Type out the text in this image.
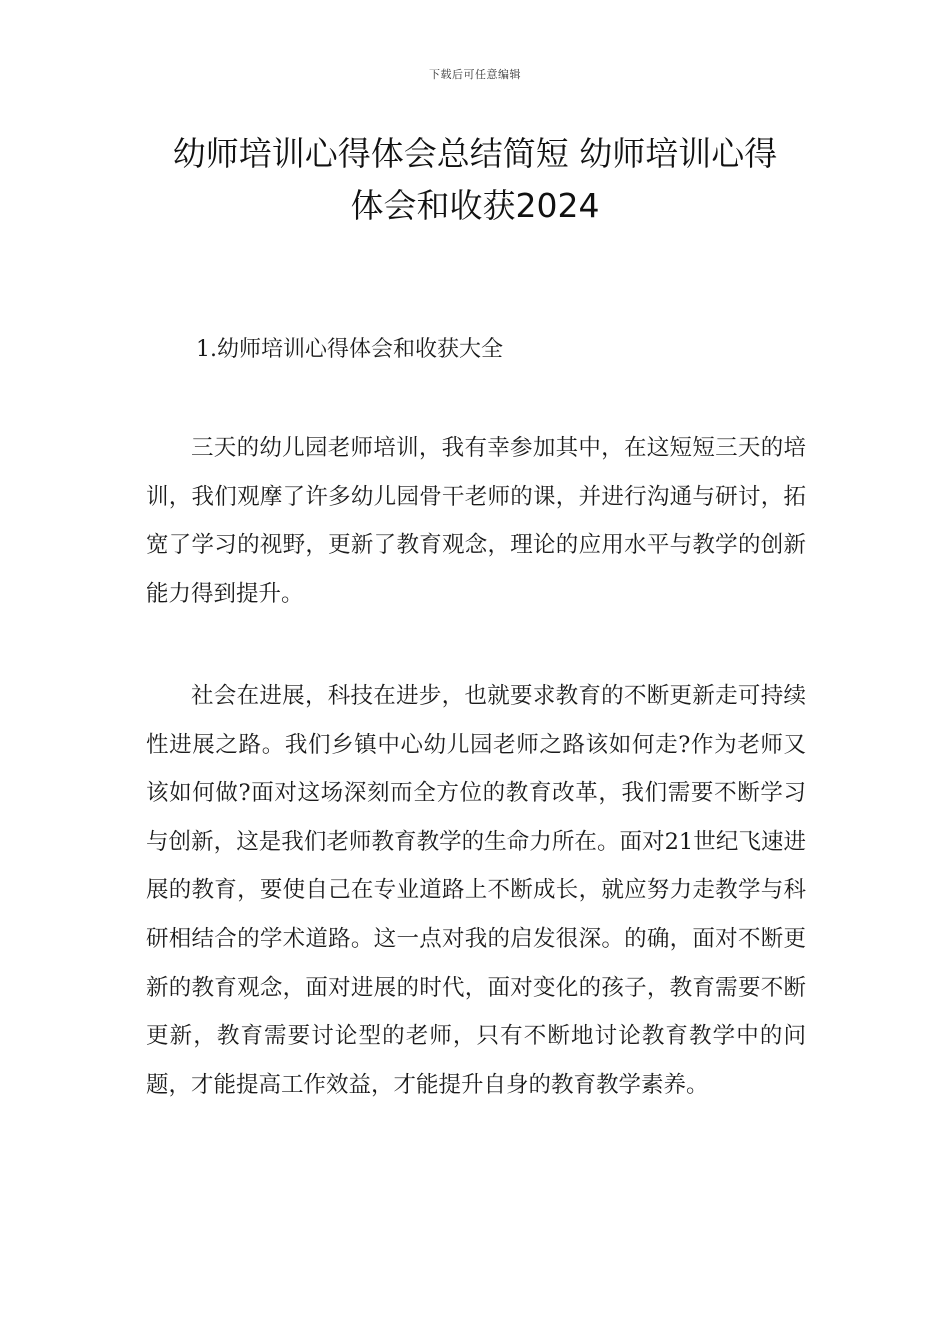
下载后可任意编辑
幼师培训心得体会总结简短 幼师培训心得
体会和收获2024
1.幼师培训心得体会和收获大全

三天的幼儿园老师培训，我有幸参加其中，在这短短三天的培训，我们观摩了许多幼儿园骨干老师的课，并进行沟通与研讨，拓宽了学习的视野，更新了教育观念，理论的应用水平与教学的创新能力得到提升。

社会在进展，科技在进步，也就要求教育的不断更新走可持续性进展之路。我们乡镇中心幼儿园老师之路该如何走?作为老师又该如何做?面对这场深刻而全方位的教育改革，我们需要不断学习与创新，这是我们老师教育教学的生命力所在。面对21世纪飞速进展的教育，要使自己在专业道路上不断成长，就应努力走教学与科研相结合的学术道路。这一点对我的启发很深。的确，面对不断更新的教育观念，面对进展的时代，面对变化的孩子，教育需要不断更新，教育需要讨论型的老师，只有不断地讨论教育教学中的问题，才能提高工作效益，才能提升自身的教育教学素养。
